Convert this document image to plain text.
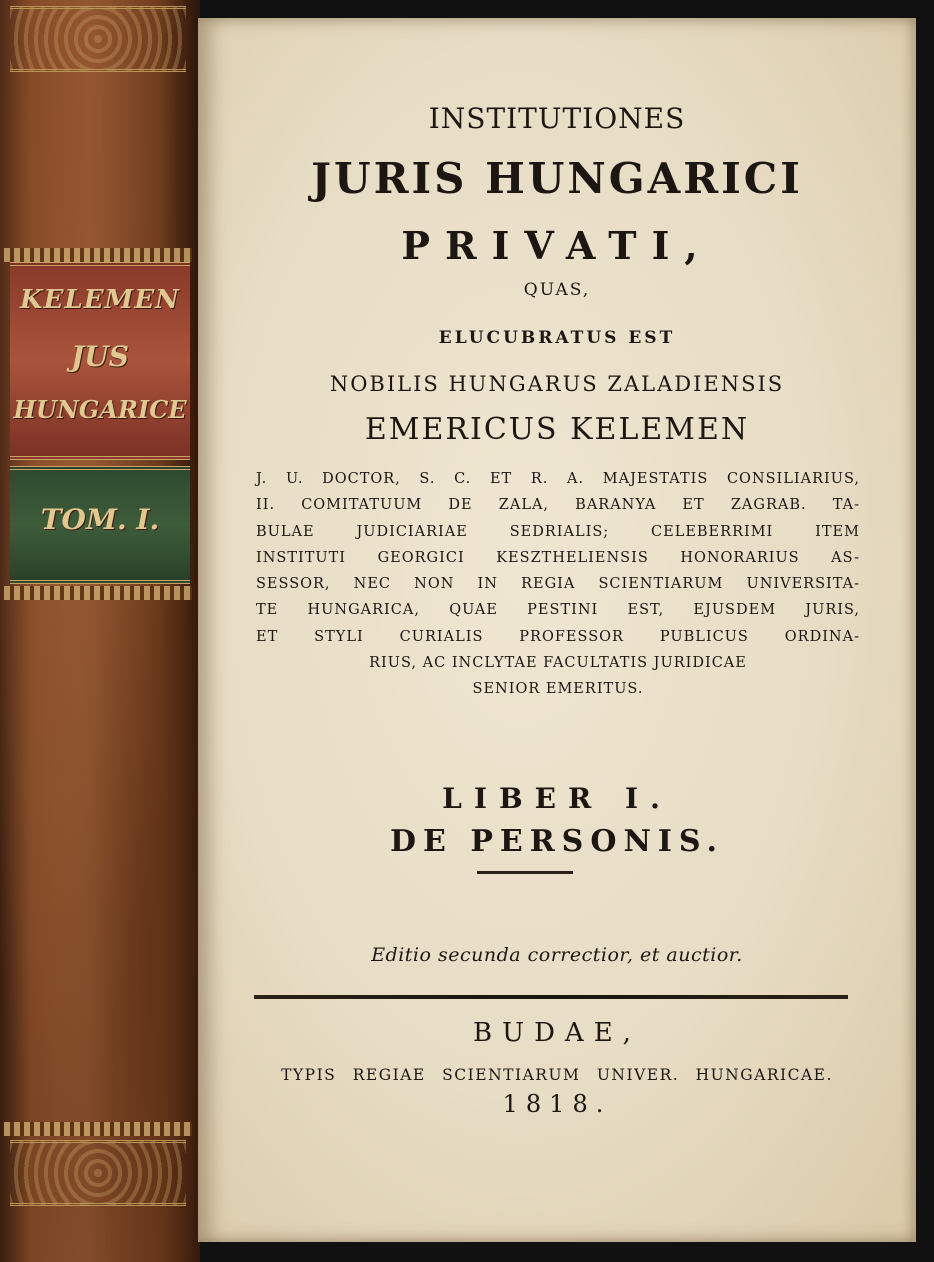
KELEMEN
JUS
HUNGARICE
TOM. I.
INSTITUTIONES
JURIS HUNGARICI
PRIVATI,
QUAS,
ELUCUBRATUS EST
NOBILIS HUNGARUS ZALADIENSIS
EMERICUS KELEMEN
J. U. DOCTOR, S. C. ET R. A. MAJESTATIS CONSILIARIUS,
II. COMITATUUM DE ZALA, BARANYA ET ZAGRAB. TA-
BULAE JUDICIARIAE SEDRIALIS; CELEBERRIMI ITEM
INSTITUTI GEORGICI KESZTHELIENSIS HONORARIUS AS-
SESSOR, NEC NON IN REGIA SCIENTIARUM UNIVERSITA-
TE HUNGARICA, QUAE PESTINI EST, EJUSDEM JURIS,
ET STYLI CURIALIS PROFESSOR PUBLICUS ORDINA-
RIUS, AC INCLYTAE FACULTATIS JURIDICAE
SENIOR EMERITUS.
LIBER I.
DE PERSONIS.
Editio secunda correctior, et auctior.
BUDAE,
TYPIS REGIAE SCIENTIARUM UNIVER. HUNGARICAE.
1818.
